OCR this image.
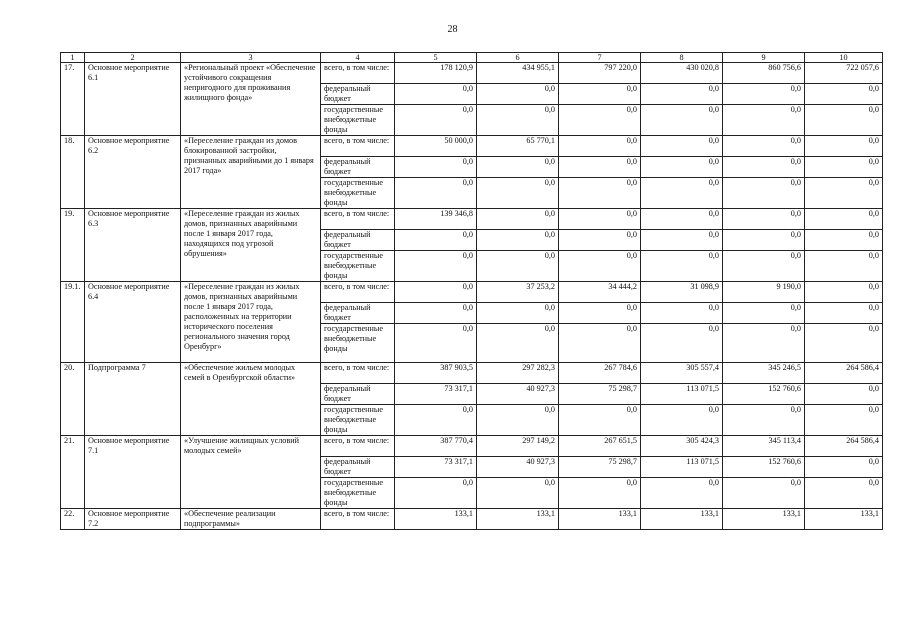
28
1	2	3	4	5	6	7	8	9	10
17.	Основное мероприятие 6.1	«Региональный проект «Обеспечение устойчивого сокращения непригодного для проживания жилищного фонда»	всего, в том числе:	178 120,9	434 955,1	797 220,0	430 020,8	860 756,6	722 057,6
			федеральный бюджет	0,0	0,0	0,0	0,0	0,0	0,0
			государственные внебюджетные фонды	0,0	0,0	0,0	0,0	0,0	0,0
18.	Основное мероприятие 6.2	«Переселение граждан из домов блокированной застройки, признанных аварийными до 1 января 2017 года»	всего, в том числе:	50 000,0	65 770,1	0,0	0,0	0,0	0,0
			федеральный бюджет	0,0	0,0	0,0	0,0	0,0	0,0
			государственные внебюджетные фонды	0,0	0,0	0,0	0,0	0,0	0,0
19.	Основное мероприятие 6.3	«Переселение граждан из жилых домов, признанных аварийными после 1 января 2017 года, находящихся под угрозой обрушения»	всего, в том числе:	139 346,8	0,0	0,0	0,0	0,0	0,0
			федеральный бюджет	0,0	0,0	0,0	0,0	0,0	0,0
			государственные внебюджетные фонды	0,0	0,0	0,0	0,0	0,0	0,0
19.1.	Основное мероприятие 6.4	«Переселение граждан из жилых домов, признанных аварийными после 1 января 2017 года, расположенных на территории исторического поселения регионального значения город Оренбург»	всего, в том числе:	0,0	37 253,2	34 444,2	31 098,9	9 190,0	0,0
			федеральный бюджет	0,0	0,0	0,0	0,0	0,0	0,0
			государственные внебюджетные фонды	0,0	0,0	0,0	0,0	0,0	0,0
20.	Подпрограмма 7	«Обеспечение жильем молодых семей в Оренбургской области»	всего, в том числе:	387 903,5	297 282,3	267 784,6	305 557,4	345 246,5	264 586,4
			федеральный бюджет	73 317,1	40 927,3	75 298,7	113 071,5	152 760,6	0,0
			государственные внебюджетные фонды	0,0	0,0	0,0	0,0	0,0	0,0
21.	Основное мероприятие 7.1	«Улучшение жилищных условий молодых семей»	всего, в том числе:	387 770,4	297 149,2	267 651,5	305 424,3	345 113,4	264 586,4
			федеральный бюджет	73 317,1	40 927,3	75 298,7	113 071,5	152 760,6	0,0
			государственные внебюджетные фонды	0,0	0,0	0,0	0,0	0,0	0,0
22.	Основное мероприятие 7.2	«Обеспечение реализации подпрограммы»	всего, в том числе:	133,1	133,1	133,1	133,1	133,1	133,1
